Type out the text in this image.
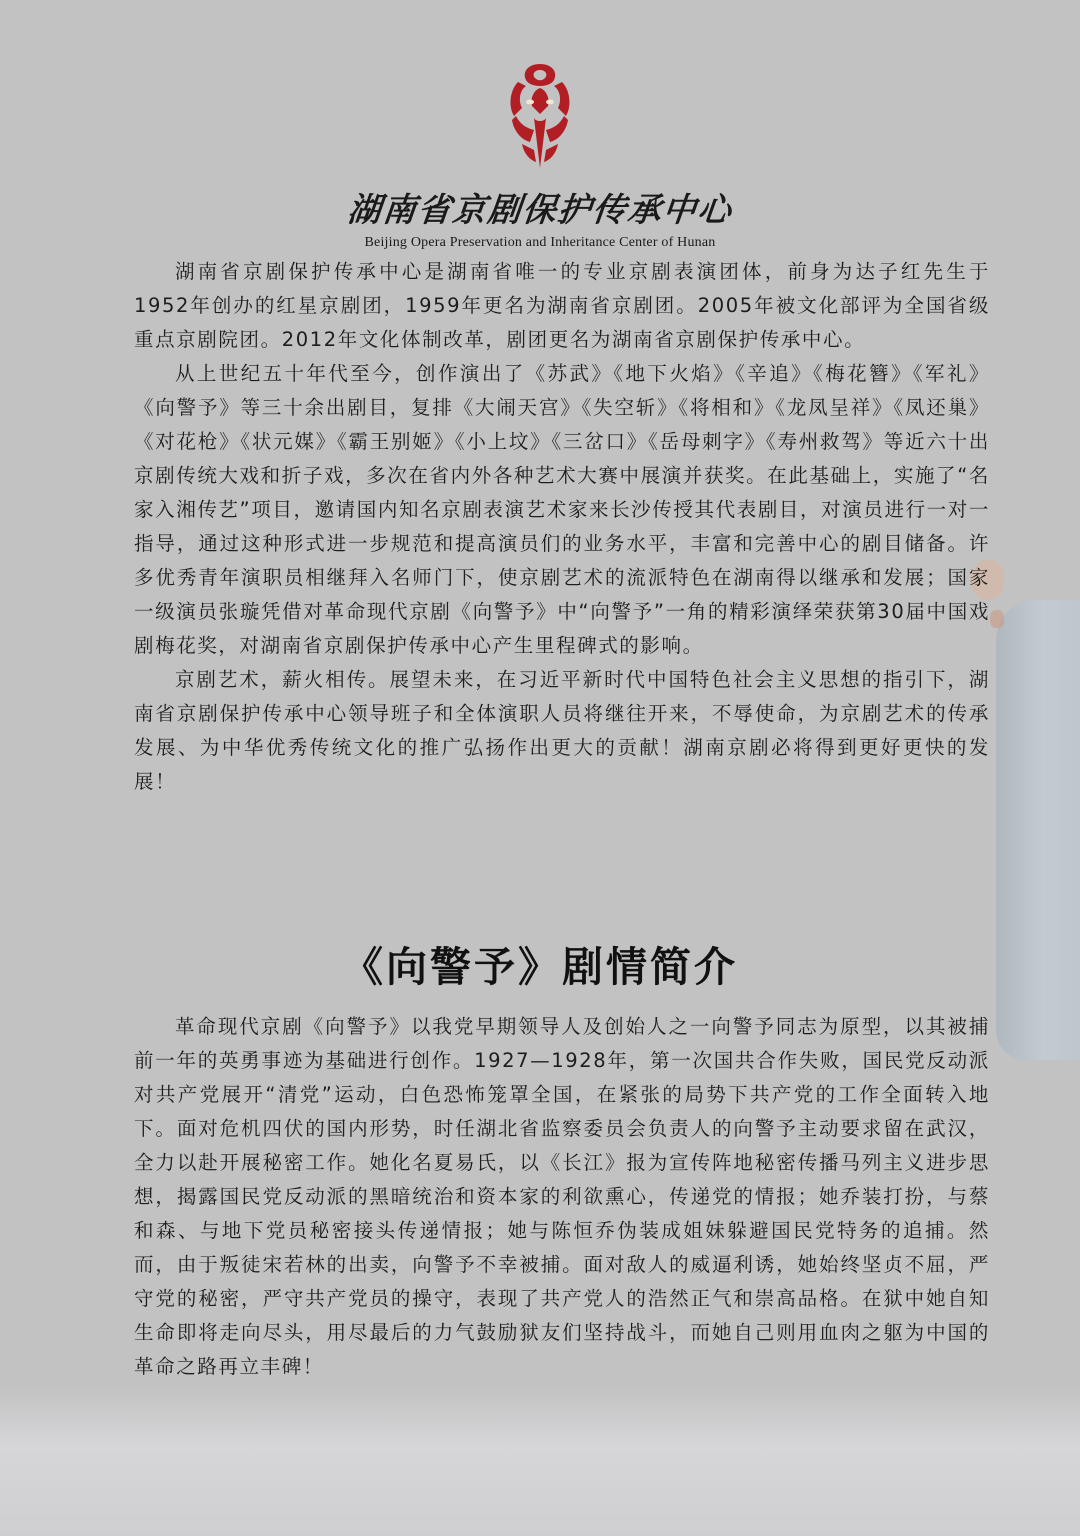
湖南省京剧保护传承中心
Beijing Opera Preservation and Inheritance Center of Hunan

湖南省京剧保护传承中心是湖南省唯一的专业京剧表演团体，前身为达子红先生于1952年创办的红星京剧团，1959年更名为湖南省京剧团。2005年被文化部评为全国省级重点京剧院团。2012年文化体制改革，剧团更名为湖南省京剧保护传承中心。

从上世纪五十年代至今，创作演出了《苏武》《地下火焰》《辛追》《梅花簪》《军礼》《向警予》等三十余出剧目，复排《大闹天宫》《失空斩》《将相和》《龙凤呈祥》《凤还巢》《对花枪》《状元媒》《霸王别姬》《小上坟》《三岔口》《岳母刺字》《寿州救驾》等近六十出京剧传统大戏和折子戏，多次在省内外各种艺术大赛中展演并获奖。在此基础上，实施了“名家入湘传艺”项目，邀请国内知名京剧表演艺术家来长沙传授其代表剧目，对演员进行一对一指导，通过这种形式进一步规范和提高演员们的业务水平，丰富和完善中心的剧目储备。许多优秀青年演职员相继拜入名师门下，使京剧艺术的流派特色在湖南得以继承和发展；国家一级演员张璇凭借对革命现代京剧《向警予》中“向警予”一角的精彩演绎荣获第30届中国戏剧梅花奖，对湖南省京剧保护传承中心产生里程碑式的影响。

京剧艺术，薪火相传。展望未来，在习近平新时代中国特色社会主义思想的指引下，湖南省京剧保护传承中心领导班子和全体演职人员将继往开来，不辱使命，为京剧艺术的传承发展、为中华优秀传统文化的推广弘扬作出更大的贡献！湖南京剧必将得到更好更快的发展！

《向警予》剧情简介

革命现代京剧《向警予》以我党早期领导人及创始人之一向警予同志为原型，以其被捕前一年的英勇事迹为基础进行创作。1927—1928年，第一次国共合作失败，国民党反动派对共产党展开“清党”运动，白色恐怖笼罩全国，在紧张的局势下共产党的工作全面转入地下。面对危机四伏的国内形势，时任湖北省监察委员会负责人的向警予主动要求留在武汉，全力以赴开展秘密工作。她化名夏易氏，以《长江》报为宣传阵地秘密传播马列主义进步思想，揭露国民党反动派的黑暗统治和资本家的利欲熏心，传递党的情报；她乔装打扮，与蔡和森、与地下党员秘密接头传递情报；她与陈恒乔伪装成姐妹躲避国民党特务的追捕。然而，由于叛徒宋若林的出卖，向警予不幸被捕。面对敌人的威逼利诱，她始终坚贞不屈，严守党的秘密，严守共产党员的操守，表现了共产党人的浩然正气和崇高品格。在狱中她自知生命即将走向尽头，用尽最后的力气鼓励狱友们坚持战斗，而她自己则用血肉之躯为中国的革命之路再立丰碑！
